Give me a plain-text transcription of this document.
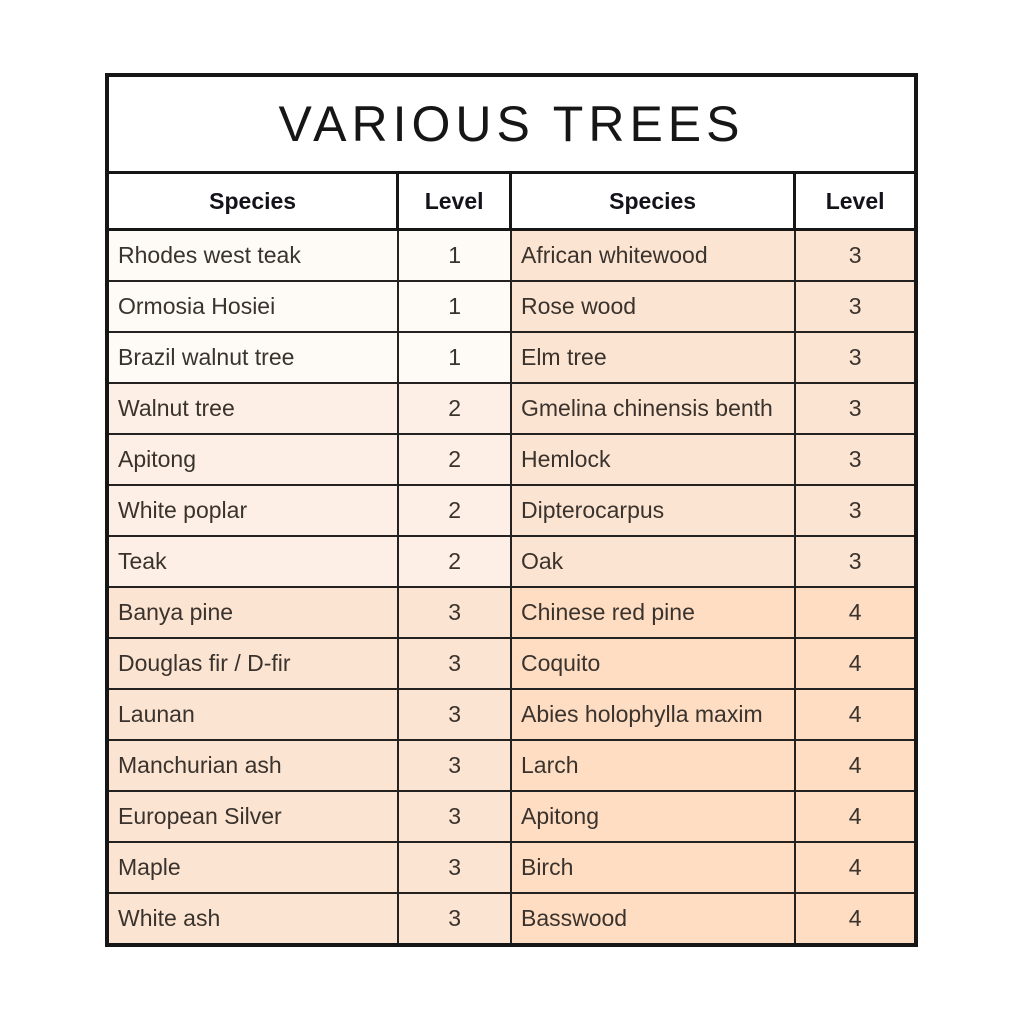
VARIOUS TREES
Species	Level	Species	Level
Rhodes west teak	1	African whitewood	3
Ormosia Hosiei	1	Rose wood	3
Brazil walnut tree	1	Elm tree	3
Walnut tree	2	Gmelina chinensis benth	3
Apitong	2	Hemlock	3
White poplar	2	Dipterocarpus	3
Teak	2	Oak	3
Banya pine	3	Chinese red pine	4
Douglas fir / D-fir	3	Coquito	4
Launan	3	Abies holophylla maxim	4
Manchurian ash	3	Larch	4
European Silver	3	Apitong	4
Maple	3	Birch	4
White ash	3	Basswood	4
